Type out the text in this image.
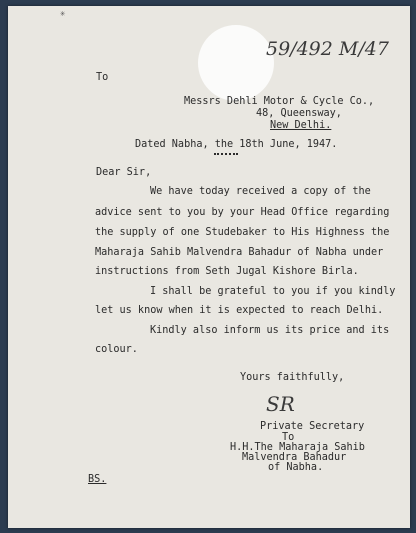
✳
59/492 M/47
To
Messrs Dehli Motor & Cycle Co.,
48, Queensway,
New Delhi.
Dated Nabha, the 18th June, 1947.
Dear Sir,
We have today received a copy of the
advice sent to you by your Head Office regarding
the supply of one Studebaker to His Highness the
Maharaja Sahib Malvendra Bahadur of Nabha under
instructions from Seth Jugal Kishore Birla.
I shall be grateful to you if you kindly
let us know when it is expected to reach Delhi.
Kindly also inform us its price and its
colour.
Yours faithfully,
SR
Private Secretary
To
H.H.The Maharaja Sahib
Malvendra Bahadur
of Nabha.
BS.
